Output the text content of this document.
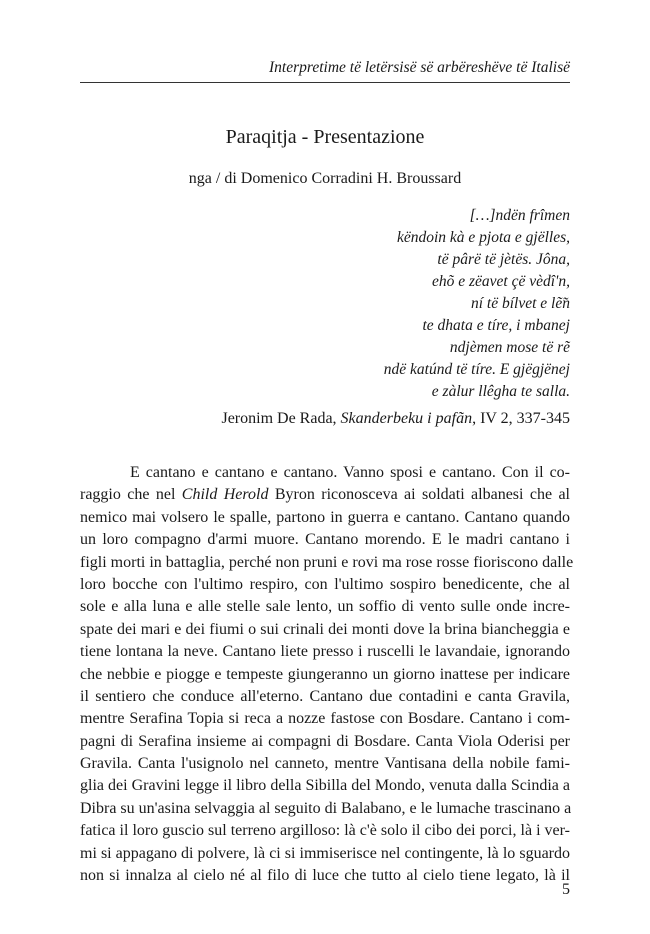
Interpretime të letërsisë së arbëreshëve të Italisë
Paraqitja - Presentazione
nga / di Domenico Corradini H. Broussard
[…]ndën frîmen
këndoin kà e pjota e gjëlles,
të pârë të jètës. Jôna,
ehõ e zëavet çë vèdî'n,
ní të bílvet e lẽ̃n
te dhata e tíre, i mbanej
ndjèmen mose të rẽ
ndë katúnd të tíre. E gjëgjënej
e zàlur llêgha te salla.
Jeronim De Rada, Skanderbeku i pafãn, IV 2, 337-345
E cantano e cantano e cantano. Vanno sposi e cantano. Con il co-
raggio che nel Child Herold Byron riconosceva ai soldati albanesi che al
nemico mai volsero le spalle, partono in guerra e cantano. Cantano quando
un loro compagno d'armi muore. Cantano morendo. E le madri cantano i
figli morti in battaglia, perché non pruni e rovi ma rose rosse fioriscono dalle
loro bocche con l'ultimo respiro, con l'ultimo sospiro benedicente, che al
sole e alla luna e alle stelle sale lento, un soffio di vento sulle onde incre-
spate dei mari e dei fiumi o sui crinali dei monti dove la brina biancheggia e
tiene lontana la neve. Cantano liete presso i ruscelli le lavandaie, ignorando
che nebbie e piogge e tempeste giungeranno un giorno inattese per indicare
il sentiero che conduce all'eterno. Cantano due contadini e canta Gravila,
mentre Serafina Topia si reca a nozze fastose con Bosdare. Cantano i com-
pagni di Serafina insieme ai compagni di Bosdare. Canta Viola Oderisi per
Gravila. Canta l'usignolo nel canneto, mentre Vantisana della nobile fami-
glia dei Gravini legge il libro della Sibilla del Mondo, venuta dalla Scindia a
Dibra su un'asina selvaggia al seguito di Balabano, e le lumache trascinano a
fatica il loro guscio sul terreno argilloso: là c'è solo il cibo dei porci, là i ver-
mi si appagano di polvere, là ci si immiserisce nel contingente, là lo sguardo
non si innalza al cielo né al filo di luce che tutto al cielo tiene legato, là il
5
